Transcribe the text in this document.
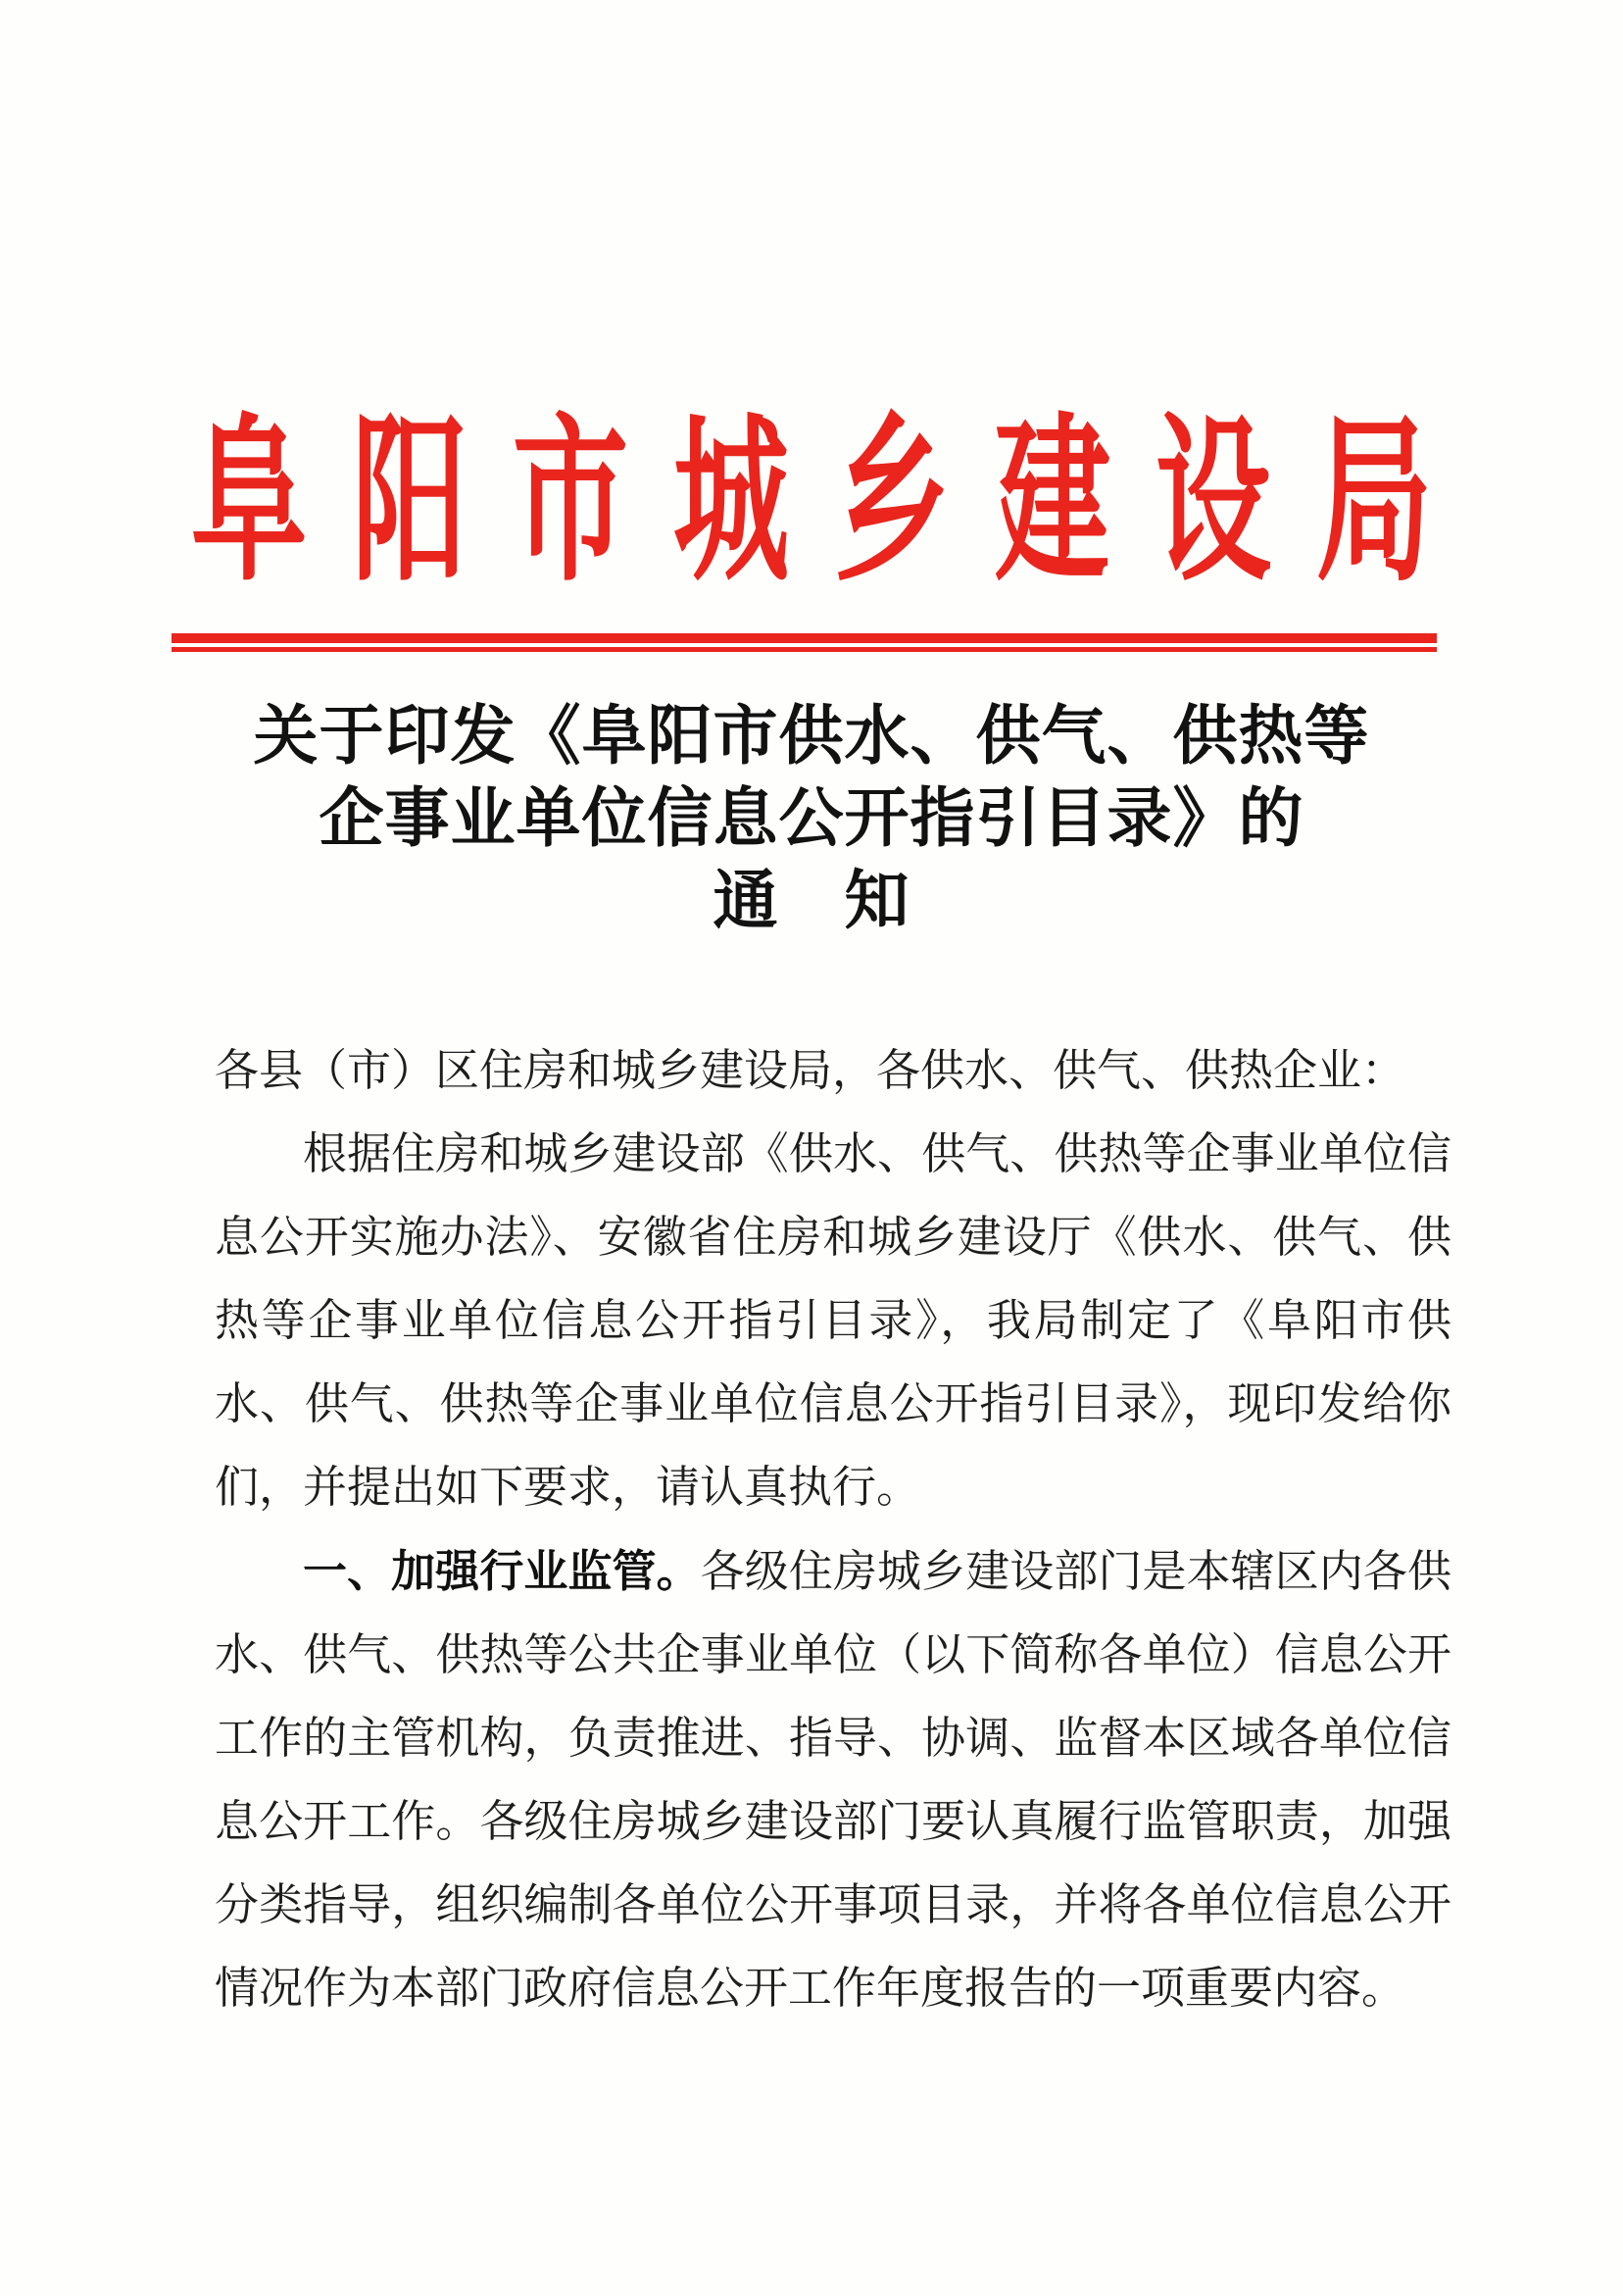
阜阳市城乡建设局
关于印发《阜阳市供水、供气、供热等
企事业单位信息公开指引目录》的
通　知

各县（市）区住房和城乡建设局，各供水、供气、供热企业：

根据住房和城乡建设部《供水、供气、供热等企事业单位信息公开实施办法》、安徽省住房和城乡建设厅《供水、供气、供热等企事业单位信息公开指引目录》，我局制定了《阜阳市供水、供气、供热等企事业单位信息公开指引目录》，现印发给你们，并提出如下要求，请认真执行。

一、加强行业监管。各级住房城乡建设部门是本辖区内各供水、供气、供热等公共企事业单位（以下简称各单位）信息公开工作的主管机构，负责推进、指导、协调、监督本区域各单位信息公开工作。各级住房城乡建设部门要认真履行监管职责，加强分类指导，组织编制各单位公开事项目录，并将各单位信息公开情况作为本部门政府信息公开工作年度报告的一项重要内容。
